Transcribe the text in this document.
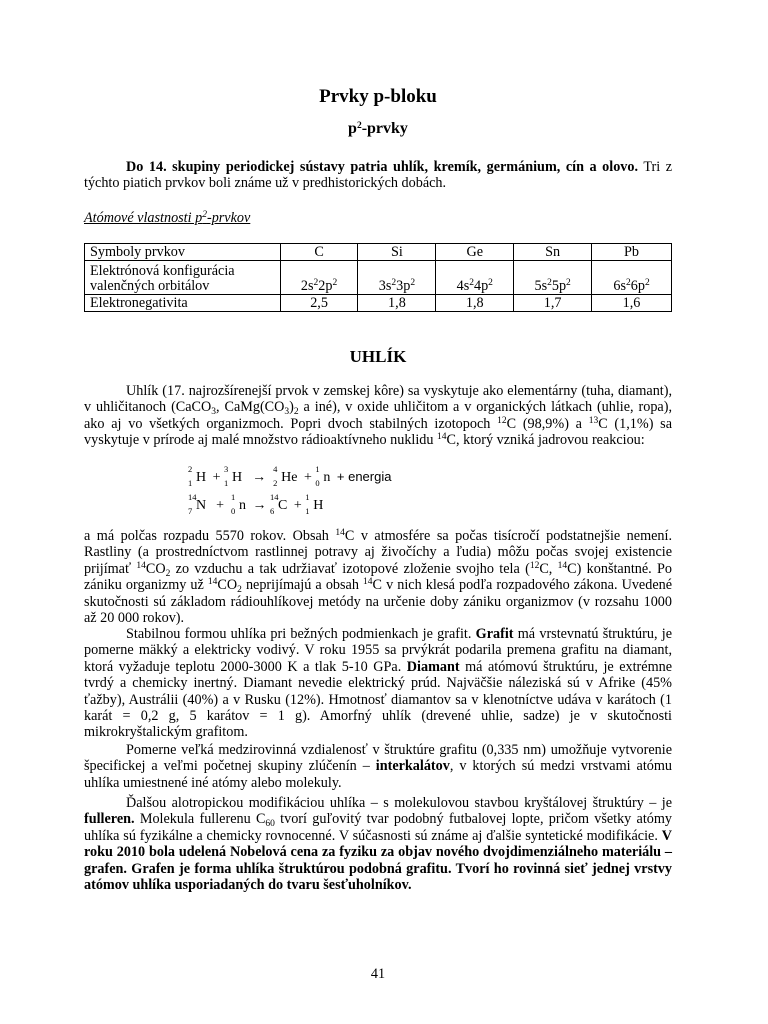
Prvky p-bloku
$p^2$-prvky

Do 14. skupiny periodickej sústavy patria uhlík, kremík, germánium, cín a olovo. Tri z týchto piatich prvkov boli známe už v predhistorických dobách.

Atómové vlastnosti $p^2$-prvkov
Symboly prvkov	C	Si	Ge	Sn	Pb
Elektrónová konfigurácia
valenčných orbitálov	$2s^22p^2$	$3s^23p^2$	$4s^24p^2$	$5s^25p^2$	$6s^26p^2$
Elektronegativita	2,5	1,8	1,8	1,7	1,6
UHLÍK

Uhlík (17. najrozšírenejší prvok v zemskej kôre) sa vyskytuje ako elementárny (tuha, diamant), v uhličitanoch (CaCO$_3$, $CaMg(CO_3)_2$ a iné), v oxide uhličitom a v organických látkach (uhlie, ropa), ako aj vo všetkých organizmoch. Popri dvoch stabilných izotopoch $^{12}$C (98,9%) a $^{13}$C (1,1%) sa vyskytuje v prírode aj malé množstvo rádioaktívneho nuklidu $^{14}$C, ktorý vzniká jadrovou reakciou:

2
1 H +
3
1 H →
4
2 He +
1
0 n + energia
14
7 N +
1
0 n →
14
6 C +
1
1 H

a má polčas rozpadu 5570 rokov. Obsah $^{14}$C v atmosfére sa počas tisícročí podstatnejšie nemení. Rastliny (a prostredníctvom rastlinnej potravy aj živočíchy a ľudia) môžu počas svojej existencie prijímať $^{14}CO_2$ zo vzduchu a tak udržiavať izotopové zloženie svojho tela ($^{12}$C, $^{14}$C) konštantné. Po zániku organizmy už $^{14}CO_2$ neprijímajú a obsah $^{14}$C v nich klesá podľa rozpadového zákona. Uvedené skutočnosti sú základom rádiouhlíkovej metódy na určenie doby zániku organizmov (v rozsahu 1000 až 20 000 rokov).

Stabilnou formou uhlíka pri bežných podmienkach je grafit. Grafit má vrstevnatú štruktúru, je pomerne mäkký a elektricky vodivý. V roku 1955 sa prvýkrát podarila premena grafitu na diamant, ktorá vyžaduje teplotu 2000-3000 K a tlak 5-10 GPa. Diamant má atómovú štruktúru, je extrémne tvrdý a chemicky inertný. Diamant nevedie elektrický prúd. Najväčšie náleziská sú v Afrike (45% ťažby), Austrálii (40%) a v Rusku (12%). Hmotnosť diamantov sa v klenotníctve udáva v karátoch (1 karát = 0,2 g, 5 karátov = 1 g). Amorfný uhlík (drevené uhlie, sadze) je v skutočnosti mikrokryštalickým grafitom.

Pomerne veľká medzirovinná vzdialenosť v štruktúre grafitu (0,335 nm) umožňuje vytvorenie špecifickej a veľmi početnej skupiny zlúčenín – interkalátov, v ktorých sú medzi vrstvami atómu uhlíka umiestnené iné atómy alebo molekuly.

Ďalšou alotropickou modifikáciou uhlíka – s molekulovou stavbou kryštálovej štruktúry – je fulleren. Molekula fullerenu $C_{60}$ tvorí guľovitý tvar podobný futbalovej lopte, pričom všetky atómy uhlíka sú fyzikálne a chemicky rovnocenné. V súčasnosti sú známe aj ďalšie syntetické modifikácie. V roku 2010 bola udelená Nobelová cena za fyziku za objav nového dvojdimenziálneho materiálu – grafen. Grafen je forma uhlíka štruktúrou podobná grafitu. Tvorí ho rovinná sieť jednej vrstvy atómov uhlíka usporiadaných do tvaru šesťuholníkov.

41
